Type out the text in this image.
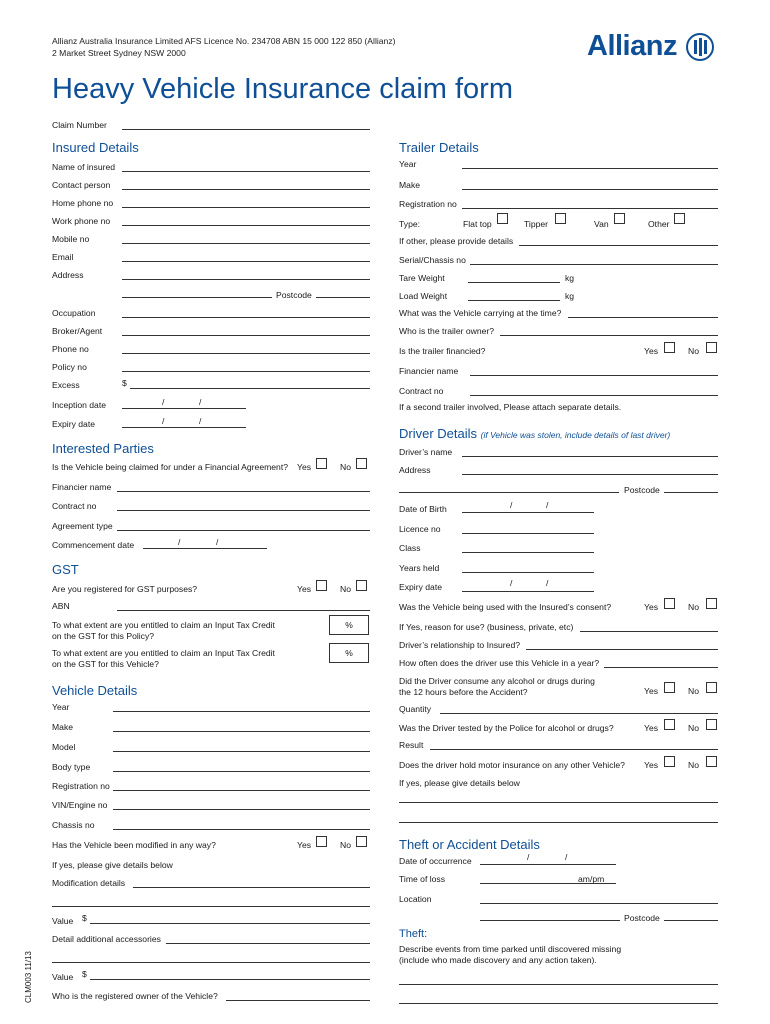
Allianz Australia Insurance Limited AFS Licence No. 234708 ABN 15 000 122 850 (Allianz)
2 Market Street Sydney NSW 2000	Allianz
Heavy Vehicle Insurance claim form
Claim Number
Insured Details
Name of insured
Contact person
Home phone no
Work phone no
Mobile no
Email
Address
Postcode
Occupation
Broker/Agent
Phone no
Policy no
Excess	$
Inception date	/	/
Expiry date	/	/
Interested Parties
Is the Vehicle being claimed for under a Financial Agreement? Yes	No
Financier name
Contract no
Agreement type
Commencement date	/	/
GST
Are you registered for GST purposes?	Yes	No
ABN
To what extent are you entitled to claim an Input Tax Credit
on the GST for this Policy?
%
To what extent are you entitled to claim an Input Tax Credit
on the GST for this Vehicle?
%
Vehicle Details
Year
Make
Model
Body type
Registration no
VIN/Engine no
Chassis no
Has the Vehicle been modified in any way?	Yes	No
If yes, please give details below
Modification details
Value $
Detail additional accessories
Value $
Who is the registered owner of the Vehicle?
CLM003 11/13
Trailer Details
Year
Make
Registration no
Type:	Flat top	Tipper	Van	Other
If other, please provide details
Serial/Chassis no
Tare Weight	kg
Load Weight	kg
What was the Vehicle carrying at the time?
Who is the trailer owner?
Is the trailer financied?	Yes	No
Financier name
Contract no
If a second trailer involved, Please attach separate details.
Driver Details (if Vehicle was stolen, include details of last driver)
Driver’s name
Address
Postcode
Date of Birth	/	/
Licence no
Class
Years held
Expiry date	/	/
Was the Vehicle being used with the Insured’s consent?	Yes	No
If Yes, reason for use? (business, private, etc)
Driver’s relationship to Insured?
How often does the driver use this Vehicle in a year?
Did the Driver consume any alcohol or drugs during
the 12 hours before the Accident?	Yes	No
Quantity
Was the Driver tested by the Police for alcohol or drugs?	Yes	No
Result
Does the driver hold motor insurance on any other Vehicle? Yes	No
If yes, please give details below
Theft or Accident Details
Date of occurrence	/	/
Time of loss	am/pm
Location
Postcode
Theft:
Describe events from time parked until discovered missing
(include who made discovery and any action taken).
